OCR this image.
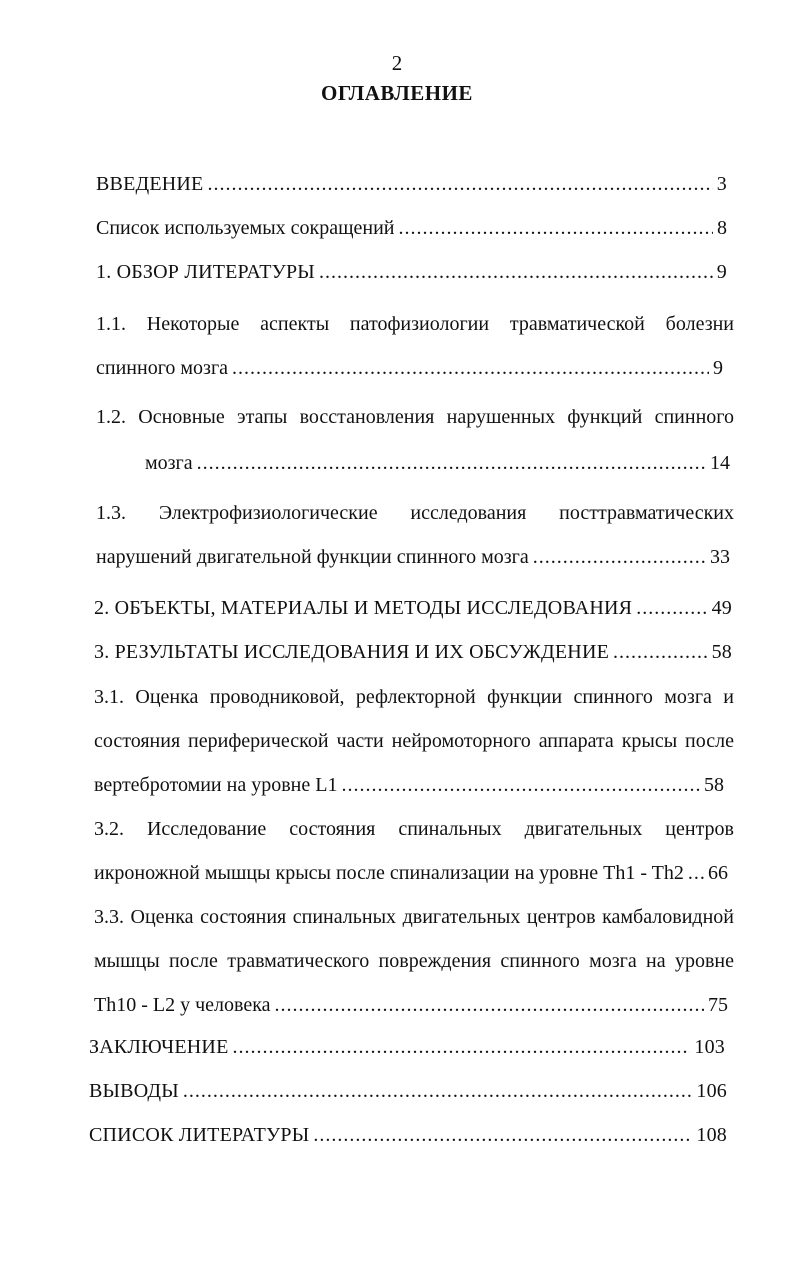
2
ОГЛАВЛЕНИЕ
ВВЕДЕНИЕ .....	3
Список используемых сокращений .....	8
1. ОБЗОР ЛИТЕРАТУРЫ .....	9
1.1. Некоторые аспекты патофизиологии травматической болезни
спинного мозга .....	9
1.2. Основные этапы восстановления нарушенных функций спинного
мозга .....	14
1.3. Электрофизиологические исследования посттравматических
нарушений двигательной функции спинного мозга .....	33
2. ОБЪЕКТЫ, МАТЕРИАЛЫ И МЕТОДЫ ИССЛЕДОВАНИЯ .....	49
3. РЕЗУЛЬТАТЫ ИССЛЕДОВАНИЯ И ИХ ОБСУЖДЕНИЕ .....	58
3.1. Оценка проводниковой, рефлекторной функции спинного мозга и
состояния периферической части нейромоторного аппарата крысы после
вертебротомии на уровне L1 .....	58
3.2. Исследование состояния спинальных двигательных центров
икроножной мышцы крысы после спинализации на уровне Th1 - Th2 ..... 66
3.3. Оценка состояния спинальных двигательных центров камбаловидной
мышцы после травматического повреждения спинного мозга на уровне
Th10 - L2 у человека .....	75
ЗАКЛЮЧЕНИЕ .....	103
ВЫВОДЫ .....	106
СПИСОК ЛИТЕРАТУРЫ .....	108
